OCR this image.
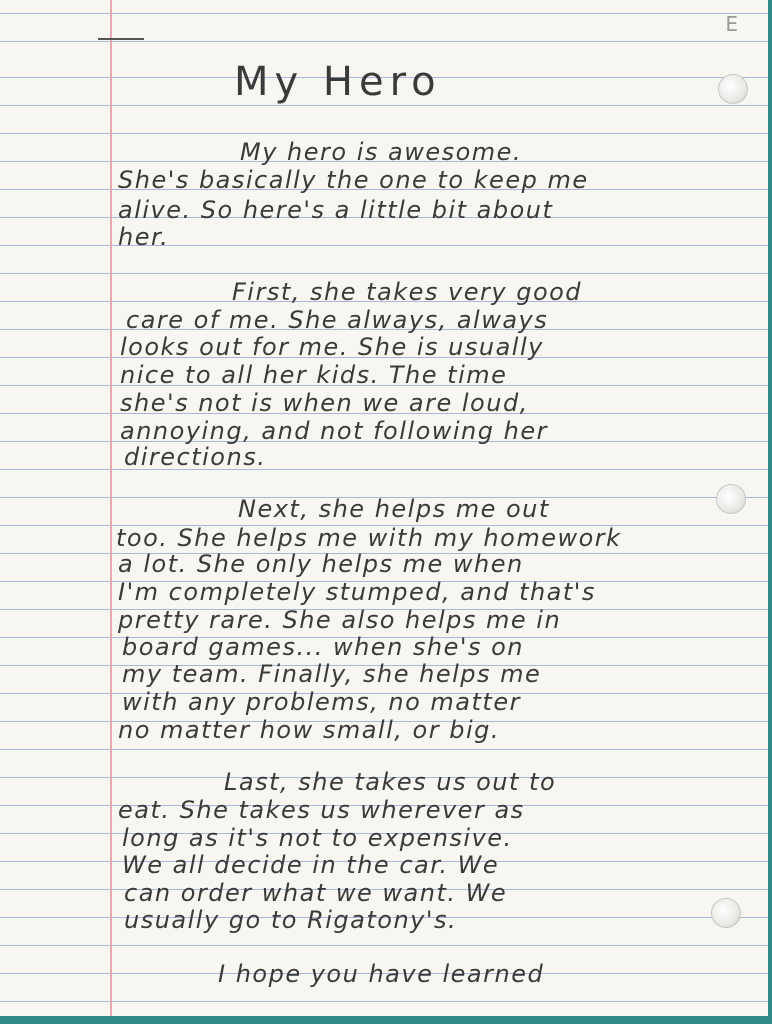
E
My Hero
My hero is awesome.
She's basically the one to keep me
alive. So here's a little bit about
her.
First, she takes very good
care of me. She always, always
looks out for me. She is usually
nice to all her kids. The time
she's not is when we are loud,
annoying, and not following her
directions.
Next, she helps me out
too. She helps me with my homework
a lot. She only helps me when
I'm completely stumped, and that's
pretty rare. She also helps me in
board games... when she's on
my team. Finally, she helps me
with any problems, no matter
no matter how small, or big.
Last, she takes us out to
eat. She takes us wherever as
long as it's not to expensive.
We all decide in the car. We
can order what we want. We
usually go to Rigatony's.
I hope you have learned
